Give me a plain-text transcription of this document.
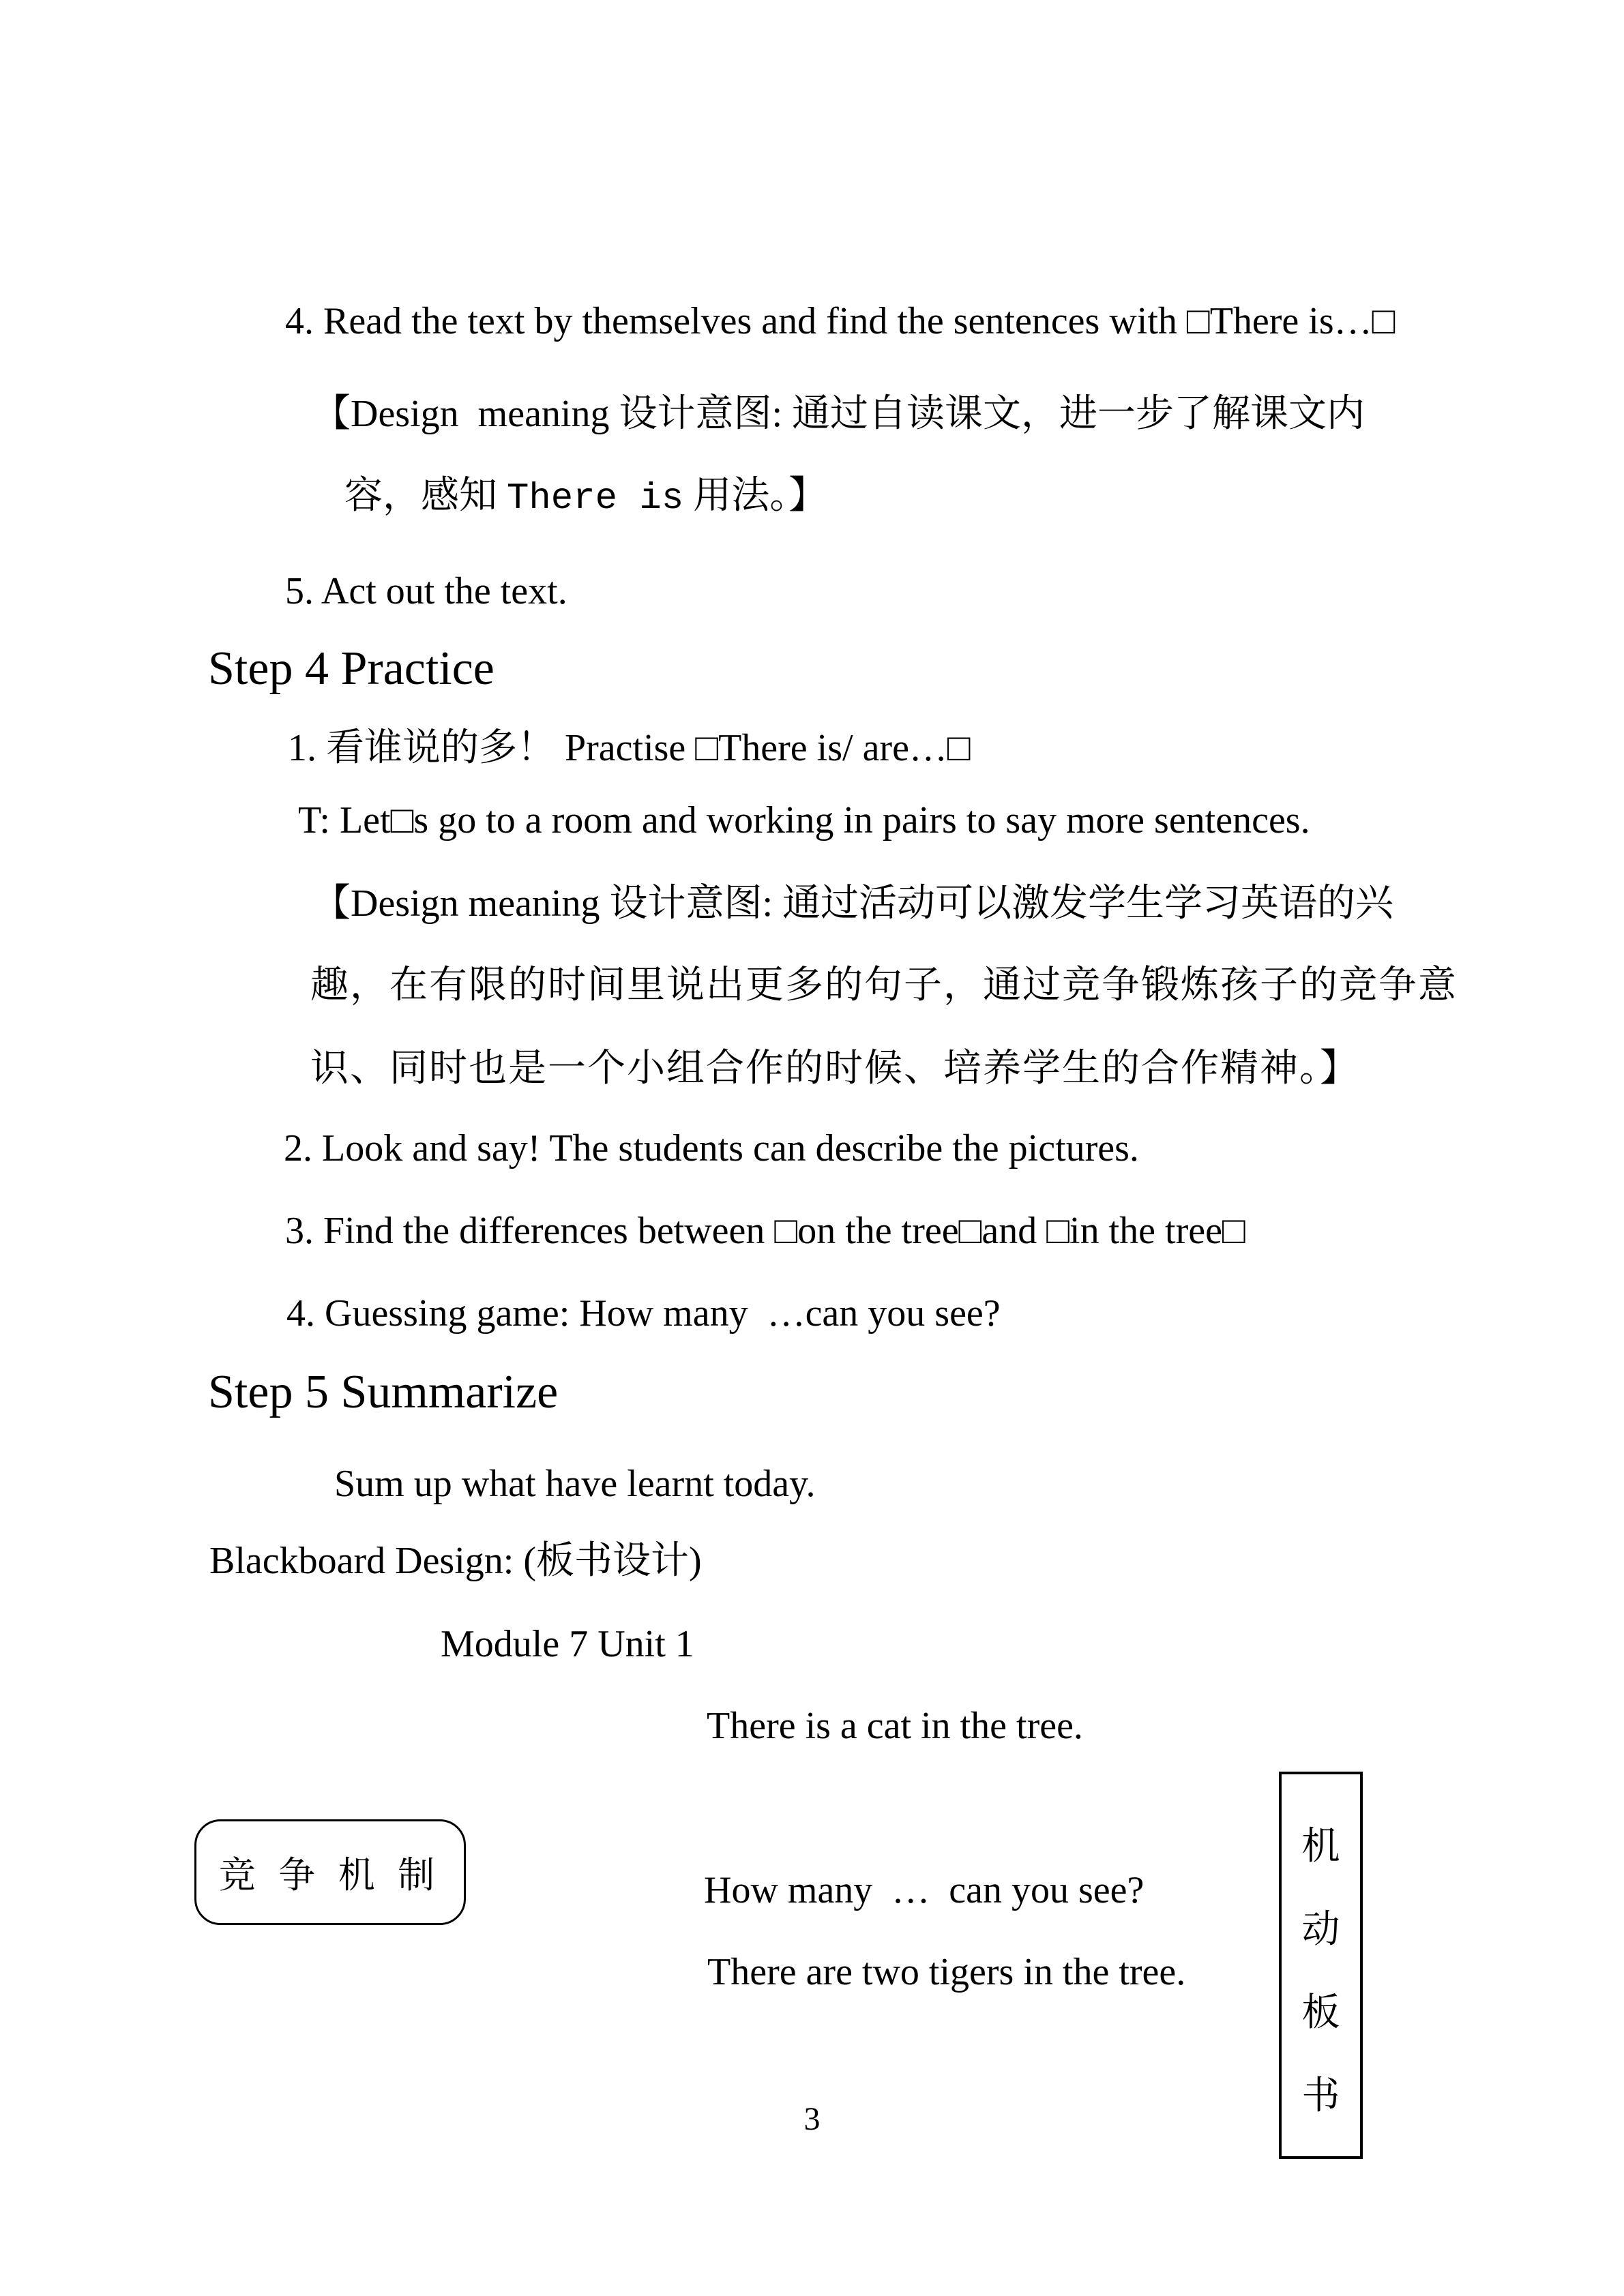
4. Read the text by themselves and find the sentences with □There is…□
【Design  meaning 设计意图: 通过自读课文，进一步了解课文内
容，感知 There is 用法。】
5. Act out the text.
Step 4 Practice
1. 看谁说的多！ Practise □There is/ are…□
T: Let□s go to a room and working in pairs to say more sentences.
【Design meaning 设计意图: 通过活动可以激发学生学习英语的兴
趣，在有限的时间里说出更多的句子，通过竞争锻炼孩子的竞争意
识、同时也是一个小组合作的时候、培养学生的合作精神。】
2. Look and say! The students can describe the pictures.
3. Find the differences between □on the tree□and □in the tree□
4. Guessing game: How many  …can you see?
Step 5 Summarize
Sum up what have learnt today.
Blackboard Design: (板书设计)
Module 7 Unit 1
There is a cat in the tree.
竞 争 机 制	How many  …  can you see?
There are two tigers in the tree.
机
动
板
书
3
